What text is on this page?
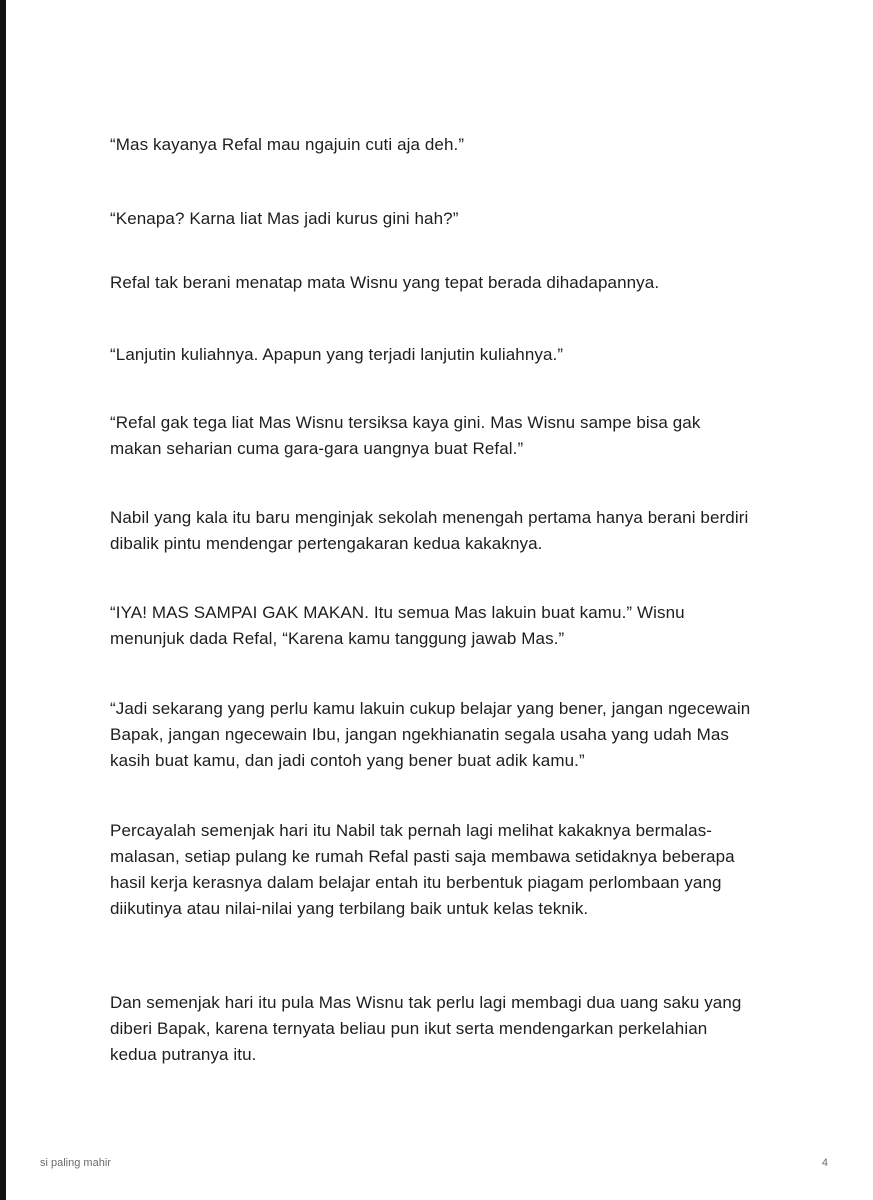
“Mas kayanya Refal mau ngajuin cuti aja deh.”

“Kenapa? Karna liat Mas jadi kurus gini hah?”

Refal tak berani menatap mata Wisnu yang tepat berada dihadapannya.

“Lanjutin kuliahnya. Apapun yang terjadi lanjutin kuliahnya.”

“Refal gak tega liat Mas Wisnu tersiksa kaya gini. Mas Wisnu sampe bisa gak makan seharian cuma gara-gara uangnya buat Refal.”

Nabil yang kala itu baru menginjak sekolah menengah pertama hanya berani berdiri dibalik pintu mendengar pertengakaran kedua kakaknya.

“IYA! MAS SAMPAI GAK MAKAN. Itu semua Mas lakuin buat kamu.” Wisnu menunjuk dada Refal, “Karena kamu tanggung jawab Mas.”

“Jadi sekarang yang perlu kamu lakuin cukup belajar yang bener, jangan ngecewain Bapak, jangan ngecewain Ibu, jangan ngekhianatin segala usaha yang udah Mas kasih buat kamu, dan jadi contoh yang bener buat adik kamu.”

Percayalah semenjak hari itu Nabil tak pernah lagi melihat kakaknya bermalas-malasan, setiap pulang ke rumah Refal pasti saja membawa setidaknya beberapa hasil kerja kerasnya dalam belajar entah itu berbentuk piagam perlombaan yang diikutinya atau nilai-nilai yang terbilang baik untuk kelas teknik.

Dan semenjak hari itu pula Mas Wisnu tak perlu lagi membagi dua uang saku yang diberi Bapak, karena ternyata beliau pun ikut serta mendengarkan perkelahian kedua putranya itu.

si paling mahir	4
